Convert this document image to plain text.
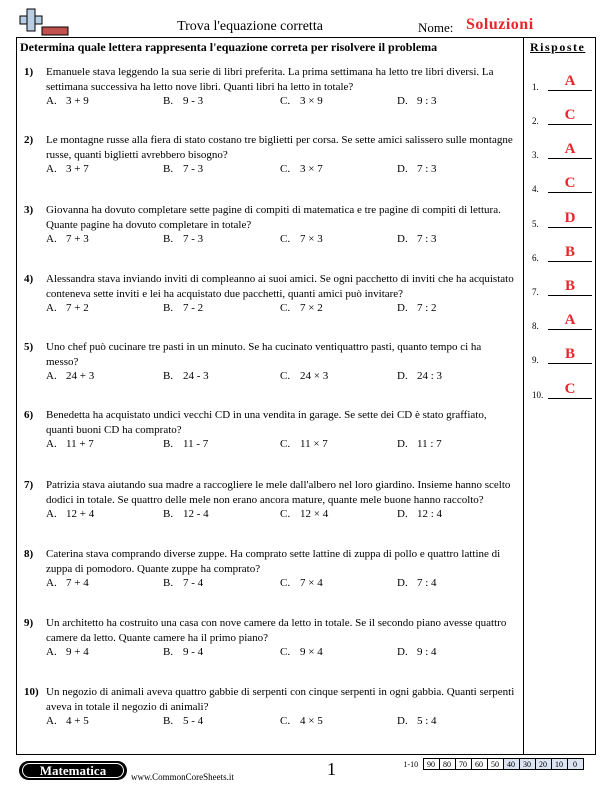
Trova l'equazione corretta	Nome: Soluzioni
Determina quale lettera rappresenta l'equazione correta per risolvere il problema	Risposte
1) Emanuele stava leggendo la sua serie di libri preferita. La prima settimana ha letto tre libri diversi. La settimana successiva ha letto nove libri. Quanti libri ha letto in totale?
A. 3 + 9	B. 9 - 3	C. 3 × 9	D. 9 : 3
2) Le montagne russe alla fiera di stato costano tre biglietti per corsa. Se sette amici salissero sulle montagne russe, quanti biglietti avrebbero bisogno?
A. 3 + 7	B. 7 - 3	C. 3 × 7	D. 7 : 3
3) Giovanna ha dovuto completare sette pagine di compiti di matematica e tre pagine di compiti di lettura. Quante pagine ha dovuto completare in totale?
A. 7 + 3	B. 7 - 3	C. 7 × 3	D. 7 : 3
4) Alessandra stava inviando inviti di compleanno ai suoi amici. Se ogni pacchetto di inviti che ha acquistato conteneva sette inviti e lei ha acquistato due pacchetti, quanti amici può invitare?
A. 7 + 2	B. 7 - 2	C. 7 × 2	D. 7 : 2
5) Uno chef può cucinare tre pasti in un minuto. Se ha cucinato ventiquattro pasti, quanto tempo ci ha messo?
A. 24 + 3	B. 24 - 3	C. 24 × 3	D. 24 : 3
6) Benedetta ha acquistato undici vecchi CD in una vendita in garage. Se sette dei CD è stato graffiato, quanti buoni CD ha comprato?
A. 11 + 7	B. 11 - 7	C. 11 × 7	D. 11 : 7
7) Patrizia stava aiutando sua madre a raccogliere le mele dall'albero nel loro giardino. Insieme hanno scelto dodici in totale. Se quattro delle mele non erano ancora mature, quante mele buone hanno raccolto?
A. 12 + 4	B. 12 - 4	C. 12 × 4	D. 12 : 4
8) Caterina stava comprando diverse zuppe. Ha comprato sette lattine di zuppa di pollo e quattro lattine di zuppa di pomodoro. Quante zuppe ha comprato?
A. 7 + 4	B. 7 - 4	C. 7 × 4	D. 7 : 4
9) Un architetto ha costruito una casa con nove camere da letto in totale. Se il secondo piano avesse quattro camere da letto. Quante camere ha il primo piano?
A. 9 + 4	B. 9 - 4	C. 9 × 4	D. 9 : 4
10) Un negozio di animali aveva quattro gabbie di serpenti con cinque serpenti in ogni gabbia. Quanti serpenti aveva in totale il negozio di animali?
A. 4 + 5	B. 5 - 4	C. 4 × 5	D. 5 : 4
1.	A
2.	C
3.	A
4.	C
5.	D
6.	B
7.	B
8.	A
9.	B
10.	C
Matematica	www.CommonCoreSheets.it	1	1-10	90	80	70	60	50	40	30	20	10	0
